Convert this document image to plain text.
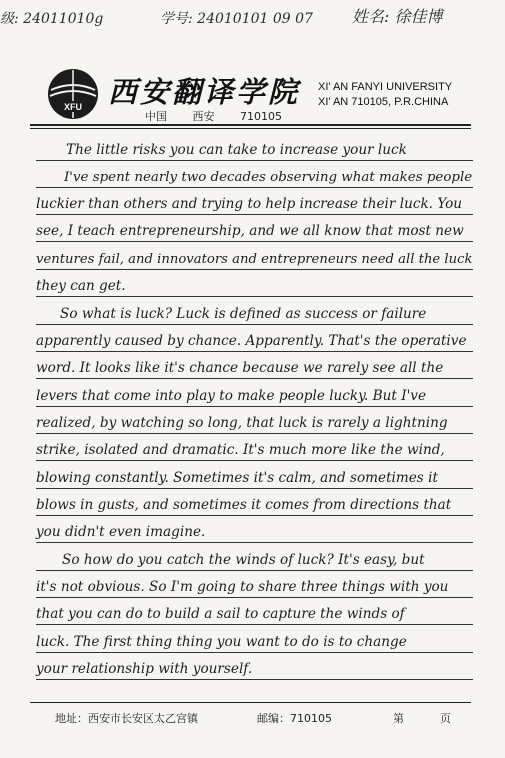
级: 24011010g	学号: 24010101 09 07 姓名: 徐佳博
XFU 西安翻译学院
中国 西安 710105
XI' AN FANYI UNIVERSITY
XI' AN 710105, P.R.CHINA
The little risks you can take to increase your luck
I've spent nearly two decades observing what makes people
luckier than others and trying to help increase their luck. You
see, I teach entrepreneurship, and we all know that most new
ventures fail, and innovators and entrepreneurs need all the luck
they can get.
So what is luck? Luck is defined as success or failure
apparently caused by chance. Apparently. That's the operative
word. It looks like it's chance because we rarely see all the
levers that come into play to make people lucky. But I've
realized, by watching so long, that luck is rarely a lightning
strike, isolated and dramatic. It's much more like the wind,
blowing constantly. Sometimes it's calm, and sometimes it
blows in gusts, and sometimes it comes from directions that
you didn't even imagine.
So how do you catch the winds of luck? It's easy, but
it's not obvious. So I'm going to share three things with you
that you can do to build a sail to capture the winds of
luck. The first thing thing you want to do is to change
your relationship with yourself.
地址：西安市长安区太乙宫镇	邮编：710105	第	页
